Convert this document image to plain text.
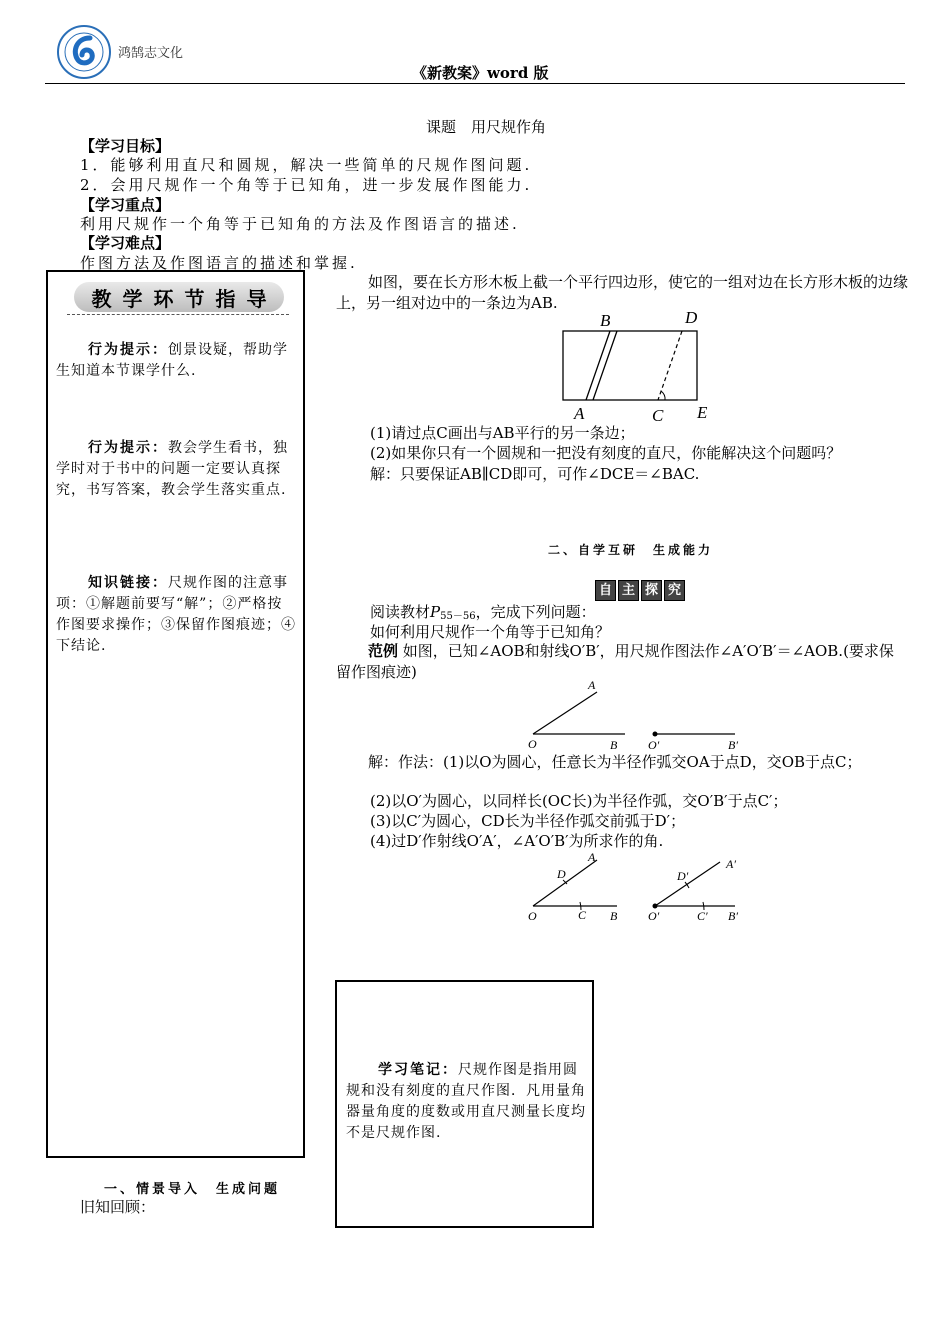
鸿鹄志文化
《新教案》word 版
课题　用尺规作角
【学习目标】
1．能够利用直尺和圆规，解决一些简单的尺规作图问题.
2．会用尺规作一个角等于已知角，进一步发展作图能力.
【学习重点】
利用尺规作一个角等于已知角的方法及作图语言的描述.
【学习难点】
作图方法及作图语言的描述和掌握.
教 学 环 节 指 导
行为提示：创景设疑，帮助学生知道本节课学什么.
行为提示：教会学生看书，独学时对于书中的问题一定要认真探究，书写答案，教会学生落实重点.
知识链接：尺规作图的注意事项：①解题前要写“解”；②严格按作图要求操作；③保留作图痕迹；④下结论.
一、情景导入　生成问题
旧知回顾：
如图，要在长方形木板上截一个平行四边形，使它的一组对边在长方形木板的边缘上，另一组对边中的一条边为AB.
B	D
A	C E
(1)请过点C画出与AB平行的另一条边；
(2)如果你只有一个圆规和一把没有刻度的直尺，你能解决这个问题吗？
解：只要保证AB∥CD即可，可作∠DCE＝∠BAC.
二、自学互研　生成能力
自 主 探 究
阅读教材$P_{55-56}$，完成下列问题：
如何利用尺规作一个角等于已知角？
范例 如图，已知∠AOB和射线O′B′，用尺规作图法作∠A′O′B′＝∠AOB.(要求保留作图痕迹)
A
O	B	O′	B′
解：作法：(1)以O为圆心，任意长为半径作弧交OA于点D，交OB于点C；
(2)以O′为圆心，以同样长(OC长)为半径作弧，交O′B′于点C′；
(3)以C′为圆心，CD长为半径作弧交前弧于D′；
(4)过D′作射线O′A′，∠A′O′B′为所求作的角.
A
D
O	C B
A′
D′
O′	C′ B′
学习笔记：尺规作图是指用圆规和没有刻度的直尺作图．凡用量角器量角度的度数或用直尺测量长度均不是尺规作图.
